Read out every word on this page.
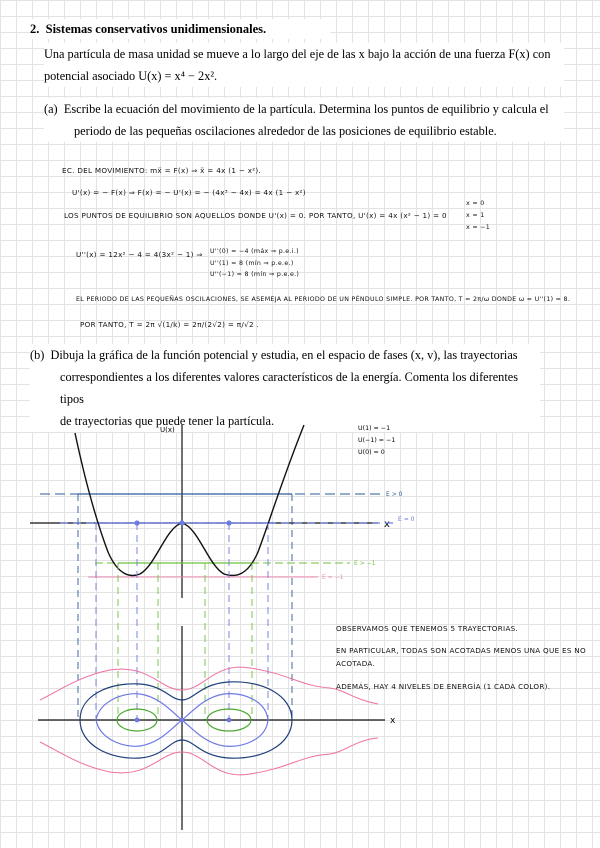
2. Sistemas conservativos unidimensionales.
Una partícula de masa unidad se mueve a lo largo del eje de las x bajo la acción de una fuerza F(x) con
potencial asociado U(x) = x⁴ − 2x².
(a) Escribe la ecuación del movimiento de la partícula. Determina los puntos de equilibrio y calcula el
periodo de las pequeñas oscilaciones alrededor de las posiciones de equilibrio estable.
EC. DEL MOVIMIENTO: mẍ = F(x) ⇒ ẍ = 4x (1 − x²).
U'(x) = − F(x) ⇒ F(x) = − U'(x) = − (4x³ − 4x) = 4x (1 − x²)
LOS PUNTOS DE EQUILIBRIO SON AQUELLOS DONDE U'(x) = 0. POR TANTO, U'(x) = 4x (x² − 1) = 0
x = 0
x = 1
x = −1
U''(x) = 12x² − 4 = 4(3x² − 1) ⇒ U''(0) = −4 (máx ⇒ p.e.i.)
U''(1) = 8 (mín ⇒ p.e.e.)
U''(−1) = 8 (mín ⇒ p.e.e.)
EL PERIODO DE LAS PEQUEÑAS OSCILACIONES, SE ASEMEJA AL PERIODO DE UN PÉNDULO SIMPLE. POR TANTO, T = 2π/ω DONDE ω = U''(1) = 8.
POR TANTO, T = 2π √(1/k) = 2π/(2√2) = π/√2 .
(b) Dibuja la gráfica de la función potencial y estudia, en el espacio de fases (x, v), las trayectorias
correspondientes a los diferentes valores característicos de la energía. Comenta los diferentes tipos
de trayectorias que puede tener la partícula.
U(x)
x
E > 0
E = 0
E > −1
E = −1
U(1) = −1
U(−1) = −1
U(0) = 0
x
OBSERVAMOS QUE TENEMOS 5 TRAYECTORIAS.
EN PARTICULAR, TODAS SON ACOTADAS MENOS UNA QUE ES NO
ACOTADA.
ADEMÁS, HAY 4 NIVELES DE ENERGÍA (1 CADA COLOR).
